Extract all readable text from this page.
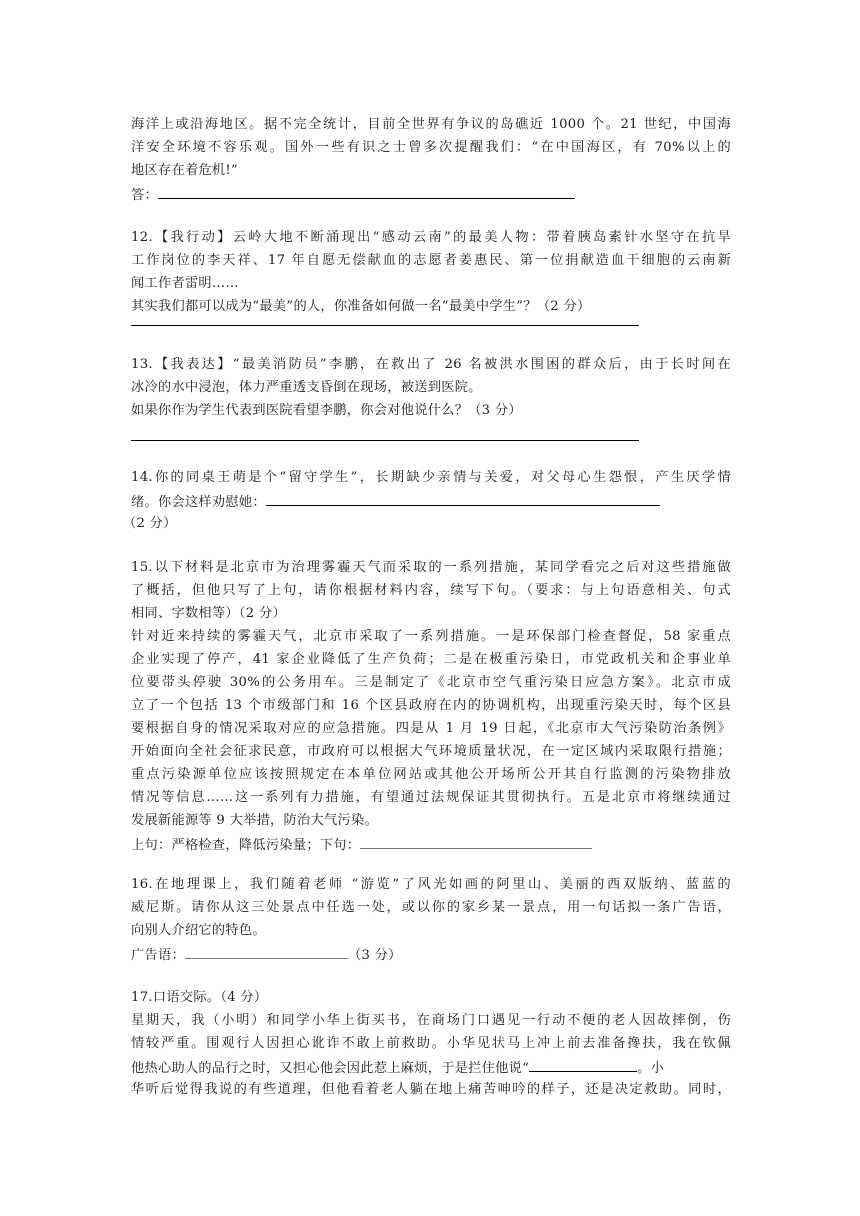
海洋上或沿海地区。据不完全统计，目前全世界有争议的岛礁近 1000 个。21 世纪，中国海
洋安全环境不容乐观。国外一些有识之士曾多次提醒我们：“在中国海区，有 70%以上的
地区存在着危机!”
答：
12.【我行动】云岭大地不断涌现出“感动云南”的最美人物：带着胰岛素针水坚守在抗旱
工作岗位的李天祥、17 年自愿无偿献血的志愿者姜惠民、第一位捐献造血干细胞的云南新
闻工作者雷明……
其实我们都可以成为“最美”的人，你准备如何做一名“最美中学生”？（2 分）
13.【我表达】“最美消防员”李鹏，在救出了 26 名被洪水围困的群众后，由于长时间在
冰冷的水中浸泡，体力严重透支昏倒在现场，被送到医院。
如果你作为学生代表到医院看望李鹏，你会对他说什么？（3 分）
14.你的同桌王萌是个“留守学生”，长期缺少亲情与关爱，对父母心生怨恨，产生厌学情
绪。你会这样劝慰她：
（2 分）
15.以下材料是北京市为治理雾霾天气而采取的一系列措施，某同学看完之后对这些措施做
了概括，但他只写了上句，请你根据材料内容，续写下句。（要求：与上句语意相关、句式
相同、字数相等）（2 分）
针对近来持续的雾霾天气，北京市采取了一系列措施。一是环保部门检查督促，58 家重点
企业实现了停产，41 家企业降低了生产负荷；二是在极重污染日，市党政机关和企事业单
位要带头停驶 30%的公务用车。三是制定了《北京市空气重污染日应急方案》。北京市成
立了一个包括 13 个市级部门和 16 个区县政府在内的协调机构，出现重污染天时，每个区县
要根据自身的情况采取对应的应急措施。四是从 1 月 19 日起，《北京市大气污染防治条例》
开始面向全社会征求民意，市政府可以根据大气环境质量状况，在一定区域内采取限行措施；
重点污染源单位应该按照规定在本单位网站或其他公开场所公开其自行监测的污染物排放
情况等信息……这一系列有力措施，有望通过法规保证其贯彻执行。五是北京市将继续通过
发展新能源等 9 大举措，防治大气污染。
上句：严格检查，降低污染量；下句：
16.在地理课上，我们随着老师 “游览”了风光如画的阿里山、美丽的西双版纳、蓝蓝的
威尼斯。请你从这三处景点中任选一处，或以你的家乡某一景点，用一句话拟一条广告语，
向别人介绍它的特色。
广告语：	（3 分）
17.口语交际。（4 分）
星期天，我（小明）和同学小华上街买书，在商场门口遇见一行动不便的老人因故摔倒，伤
情较严重。围观行人因担心讹诈不敢上前救助。小华见状马上冲上前去准备搀扶，我在钦佩
他热心助人的品行之时，又担心他会因此惹上麻烦，于是拦住他说“	。小
华听后觉得我说的有些道理，但他看着老人躺在地上痛苦呻吟的样子，还是决定救助。同时，
